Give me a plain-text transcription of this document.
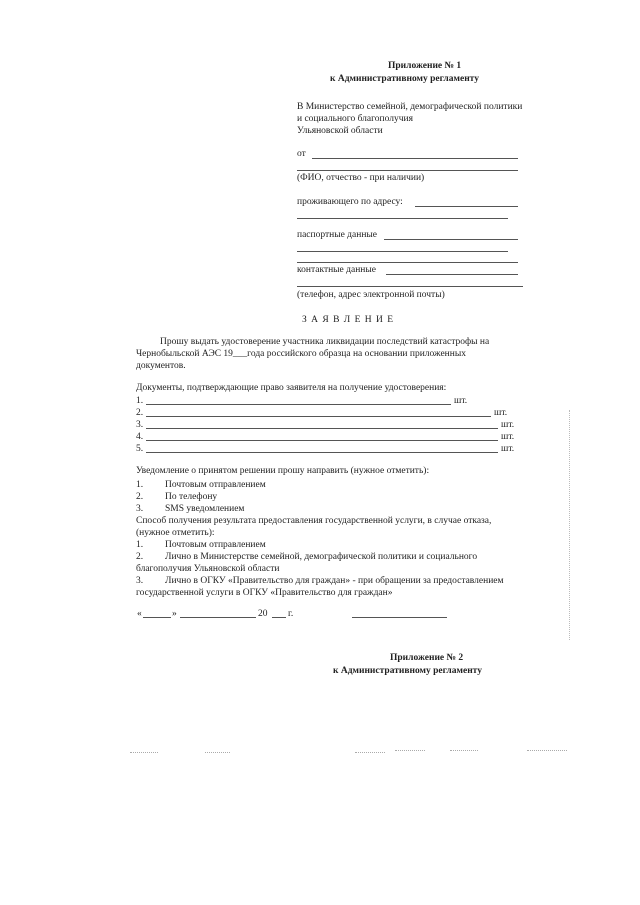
Приложение № 1
к Административному регламенту
В Министерство семейной, демографической политики
и социального благополучия
Ульяновской области
от
(ФИО, отчество - при наличии)
проживающего по адресу:
паспортные данные
контактные данные
(телефон, адрес электронной почты)
З А Я В Л Е Н И Е
Прошу выдать удостоверение участника ликвидации последствий катастрофы на
Чернобыльской АЭС 19___года российского образца на основании приложенных
документов.
Документы, подтверждающие право заявителя на получение удостоверения:
1.	шт.
2.	шт.
3.	шт.
4.	шт.
5.	шт.
Уведомление о принятом решении прошу направить (нужное отметить):
1. Почтовым отправлением
2. По телефону
3. SMS уведомлением
Способ получения результата предоставления государственной услуги, в случае отказа,
(нужное отметить):
1. Почтовым отправлением
2. Лично в Министерстве семейной, демографической политики и социального
благополучия Ульяновской области
3. Лично в ОГКУ «Правительство для граждан» - при обращении за предоставлением
государственной услуги в ОГКУ «Правительство для граждан»
«	»	20 г.
Приложение № 2
к Административному регламенту
